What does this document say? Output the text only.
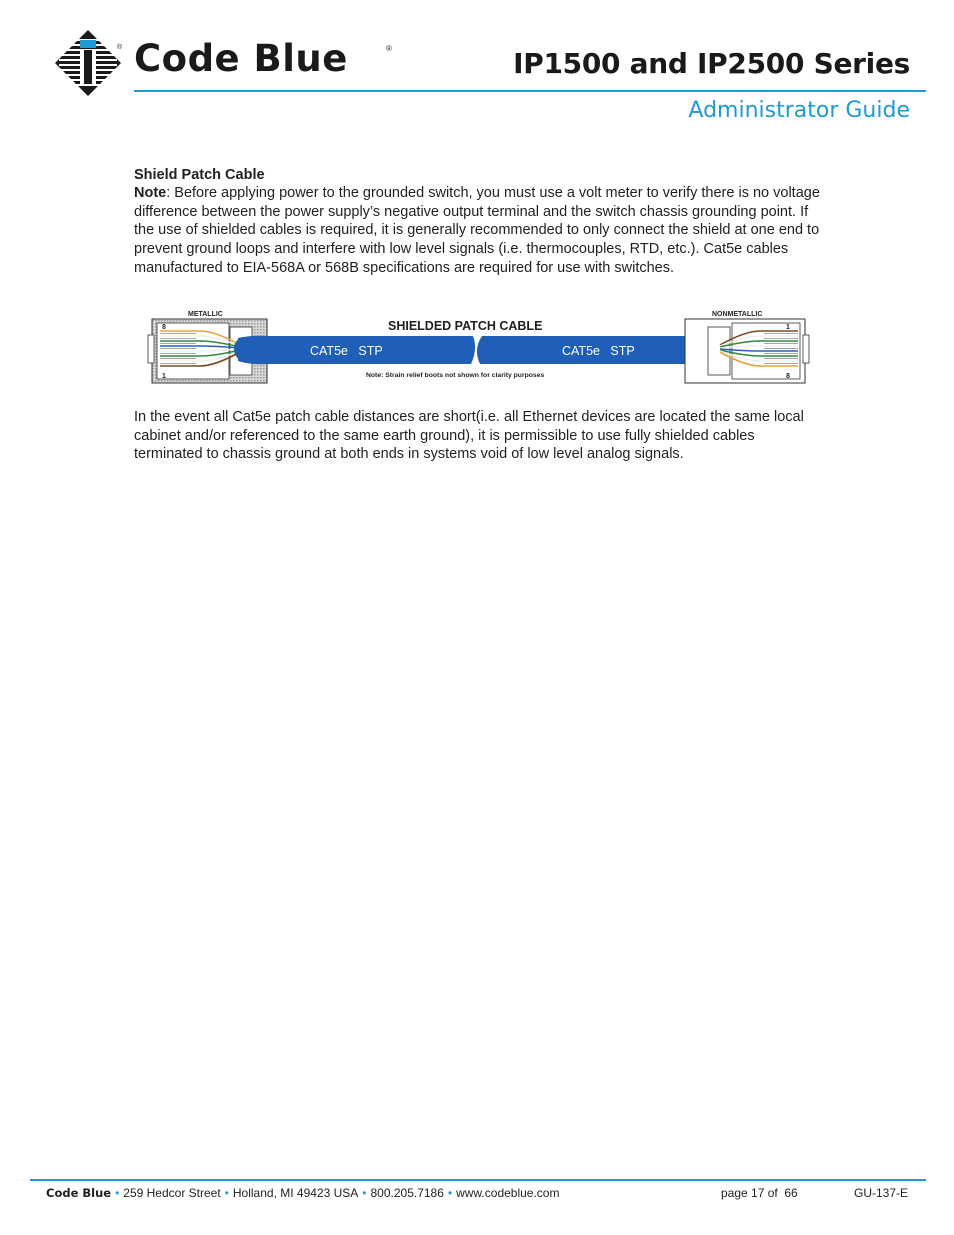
® Code Blue	®	IP1500 and IP2500 Series
Administrator Guide
Shield Patch Cable
Note: Before applying power to the grounded switch, you must use a volt meter to verify there is no voltage difference between the power supply’s negative output terminal and the switch chassis grounding point. If the use of shielded cables is required, it is generally recommended to only connect the shield at one end to prevent ground loops and interfere with low level signals (i.e. thermocouples, RTD, etc.). Cat5e cables manufactured to EIA-568A or 568B specifications are required for use with switches.
METALLIC
8
1
SHIELDED PATCH CABLE
CAT5e   STP	CAT5e   STP
Note: Strain relief boots not shown for clarity purposes
NONMETALLIC
1
8
In the event all Cat5e patch cable distances are short(i.e. all Ethernet devices are located the same local cabinet and/or referenced to the same earth ground), it is permissible to use fully shielded cables terminated to chassis ground at both ends in systems void of low level analog signals.
Code Blue • 259 Hedcor Street • Holland, MI 49423 USA • 800.205.7186 • www.codeblue.com	page 17 of  66	GU-137-E
